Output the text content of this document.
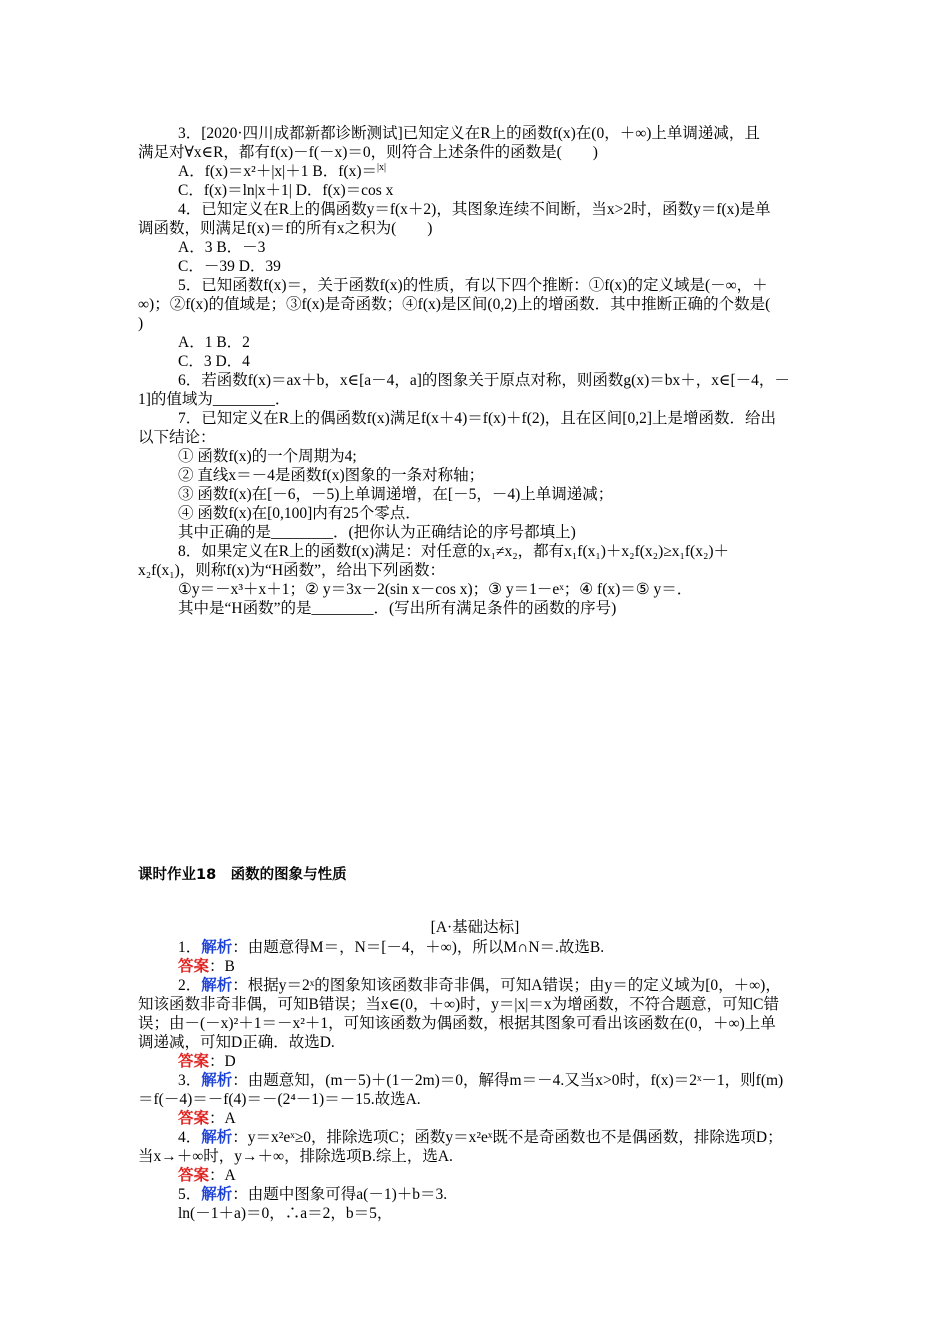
3．[2020·四川成都新都诊断测试]已知定义在R上的函数f(x)在(0，＋∞)上单调递减，且
满足对∀x∈R，都有f(x)－f(－x)＝0，则符合上述条件的函数是(　　)
A．f(x)＝x²＋|x|＋1 B．f(x)＝$^{|x|}$
C．f(x)＝ln|x＋1| D．f(x)＝cos x
4．已知定义在R上的偶函数y＝f(x＋2)，其图象连续不间断，当x>2时，函数y＝f(x)是单
调函数，则满足f(x)＝f的所有x之积为(　　)
A．3 B．－3
C．－39 D．39
5．已知函数f(x)＝，关于函数f(x)的性质，有以下四个推断：①f(x)的定义域是(－∞，＋
∞)；②f(x)的值域是；③f(x)是奇函数；④f(x)是区间(0,2)上的增函数．其中推断正确的个数是(
)
A．1 B．2
C．3 D．4
6．若函数f(x)＝ax＋b，x∈[a－4，a]的图象关于原点对称，则函数g(x)＝bx＋，x∈[－4，－
1]的值域为________．
7．已知定义在R上的偶函数f(x)满足f(x＋4)＝f(x)＋f(2)，且在区间[0,2]上是增函数．给出
以下结论：
① 函数f(x)的一个周期为4;
② 直线x＝－4是函数f(x)图象的一条对称轴；
③ 函数f(x)在[－6，－5)上单调递增，在[－5，－4)上单调递减；
④ 函数f(x)在[0,100]内有25个零点．
其中正确的是________．(把你认为正确结论的序号都填上)
8．如果定义在R上的函数f(x)满足：对任意的x₁≠x₂，都有x₁f(x₁)＋x₂f(x₂)≥x₁f(x₂)＋
x₂f(x₁)，则称f(x)为“H函数”，给出下列函数：
①y＝－x³＋x＋1；② y＝3x－2(sin x－cos x)；③ y＝1－eˣ；④ f(x)＝⑤ y＝．
其中是“H函数”的是________．(写出所有满足条件的函数的序号)
课时作业18　函数的图象与性质
[A·基础达标]
1．解析：由题意得M＝，N＝[－4，＋∞)，所以M∩N＝.故选B.
答案：B
2．解析：根据y＝2ˣ的图象知该函数非奇非偶，可知A错误；由y＝的定义域为[0，＋∞)，
知该函数非奇非偶，可知B错误；当x∈(0，＋∞)时，y＝|x|＝x为增函数，不符合题意，可知C错
误；由－(－x)²＋1＝－x²＋1，可知该函数为偶函数，根据其图象可看出该函数在(0，＋∞)上单
调递减，可知D正确．故选D.
答案：D
3．解析：由题意知，(m－5)＋(1－2m)＝0，解得m＝－4.又当x>0时，f(x)＝2ˣ－1，则f(m)
＝f(－4)＝－f(4)＝－(2⁴－1)＝－15.故选A.
答案：A
4．解析：y＝x²eˣ≥0，排除选项C；函数y＝x²eˣ既不是奇函数也不是偶函数，排除选项D；
当x→＋∞时，y→＋∞，排除选项B.综上，选A.
答案：A
5．解析：由题中图象可得a(－1)＋b＝3.
ln(－1＋a)＝0，∴a＝2，b＝5，
